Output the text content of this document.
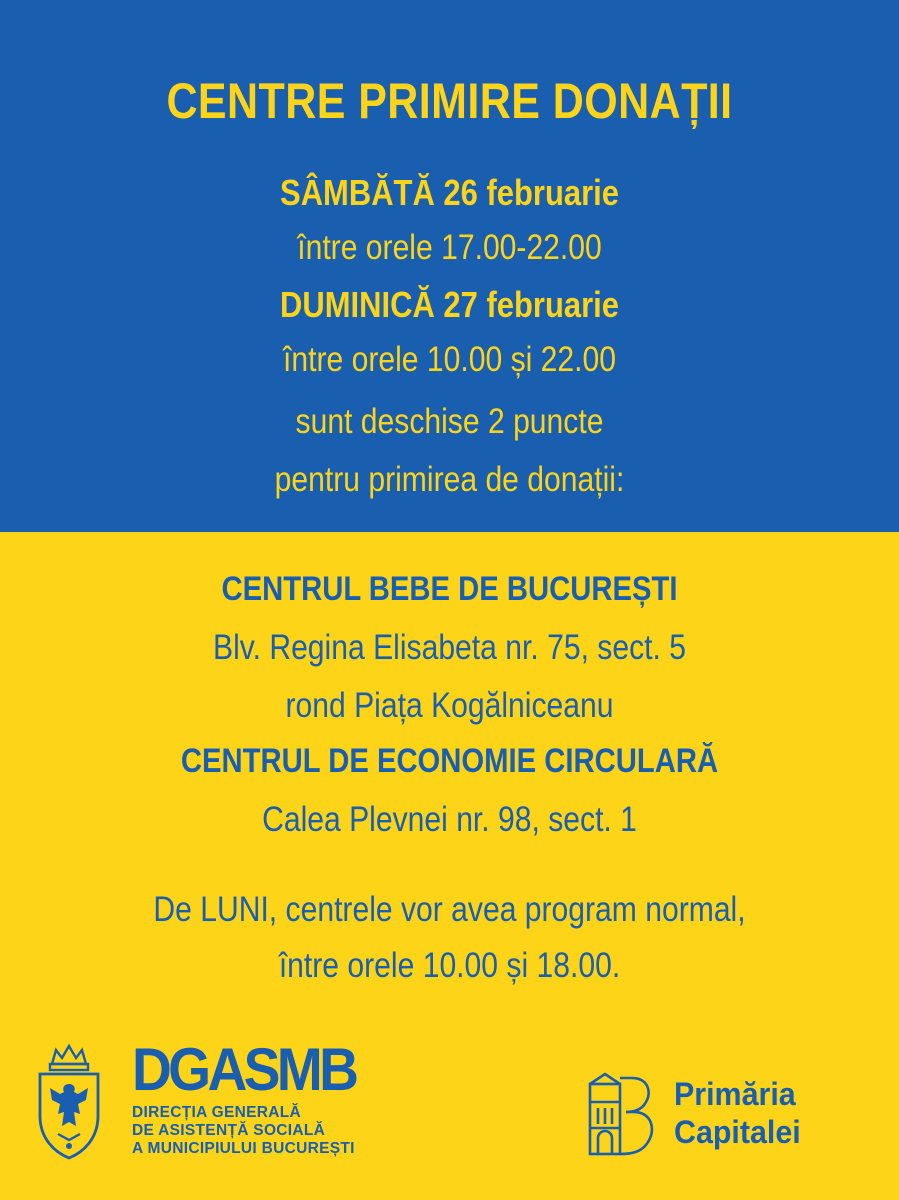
CENTRE PRIMIRE DONAȚII
SÂMBĂTĂ 26 februarie
între orele 17.00-22.00
DUMINICĂ 27 februarie
între orele 10.00 și 22.00
sunt deschise 2 puncte
pentru primirea de donații:
CENTRUL BEBE DE BUCUREȘTI
Blv. Regina Elisabeta nr. 75, sect. 5
rond Piața Kogălniceanu
CENTRUL DE ECONOMIE CIRCULARĂ
Calea Plevnei nr. 98, sect. 1
De LUNI, centrele vor avea program normal,
între orele 10.00 și 18.00.
DGASMB
DIRECȚIA GENERALĂ
DE ASISTENȚĂ SOCIALĂ
A MUNICIPIULUI BUCUREȘTI
Primăria
Capitalei
